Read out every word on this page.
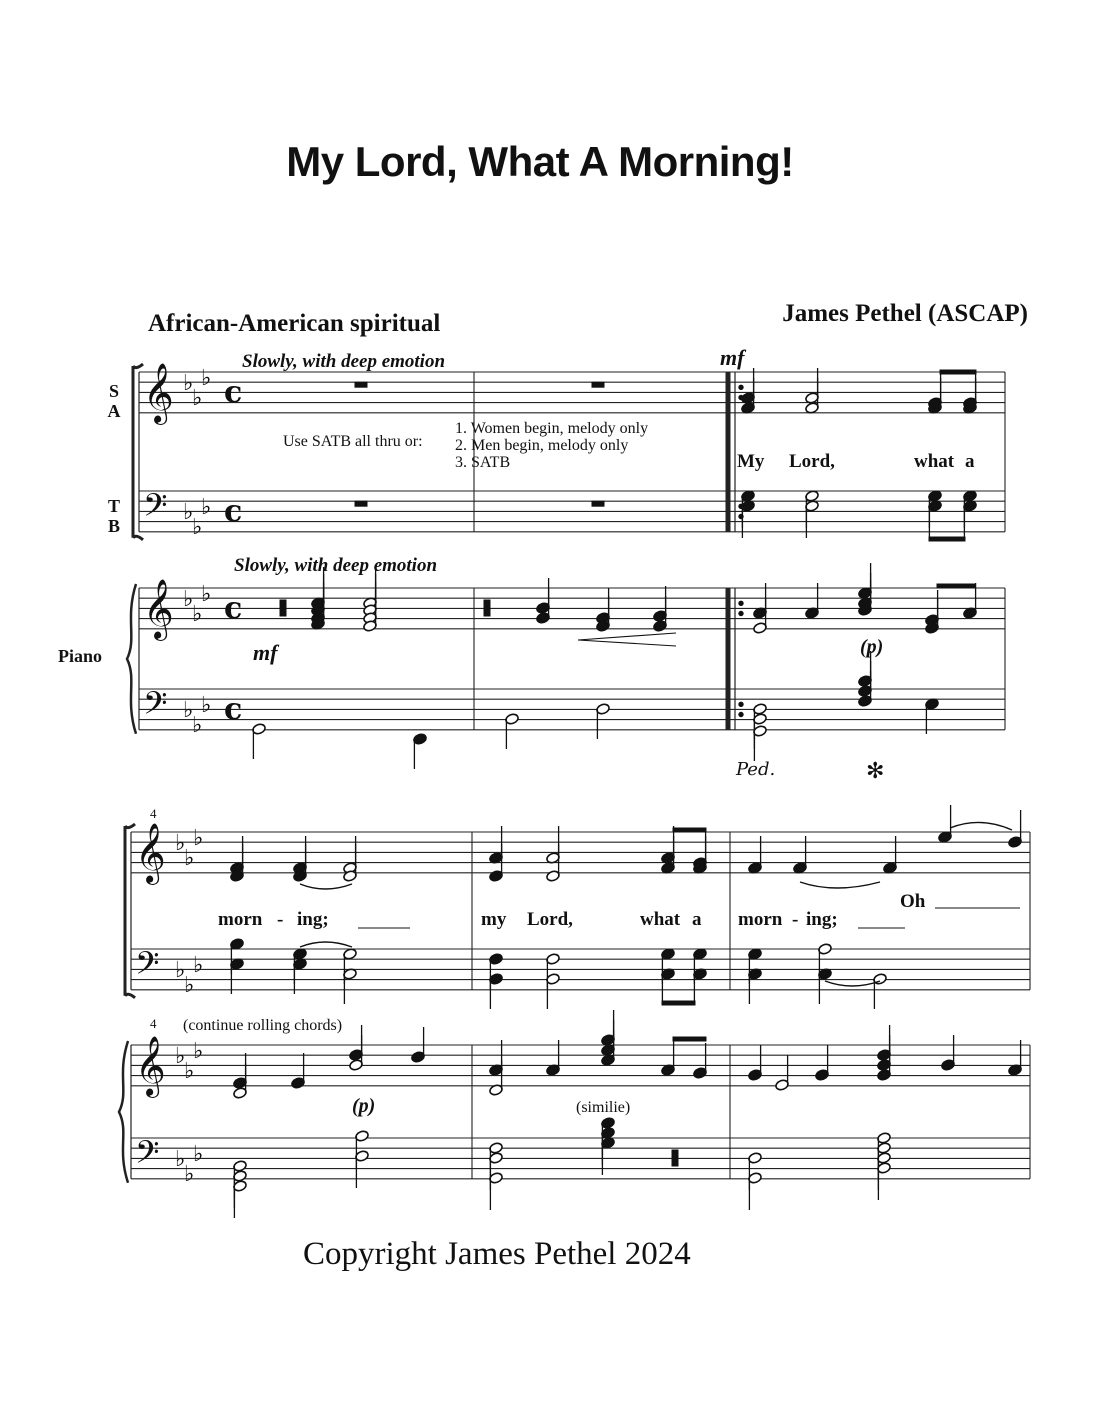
My Lord, What A Morning!
African-American spiritual	James Pethel (ASCAP)
S
A
T
B
Piano
Slowly, with deep emotion
Slowly, with deep emotion
Use SATB all thru or:
1. Women begin, melody only
2. Men begin, melody only
3. SATB
mf
mf	(p)
(p)
Ped.	✻
My Lord,	what a
morn - ing;	my Lord,	what a morn - ing;
Oh
4
4 (continue rolling chords)
(similie)
Copyright James Pethel 2024
𝄞 ♭
♭
♭
𝄢 ♭
♭
♭
𝄞 ♭
♭
♭
𝄢 ♭
♭
♭
𝄞 ♭
♭
♭
𝄢 ♭
♭
♭
𝄞 ♭
♭
♭
𝄢 ♭
♭
♭
c
c
c
c
